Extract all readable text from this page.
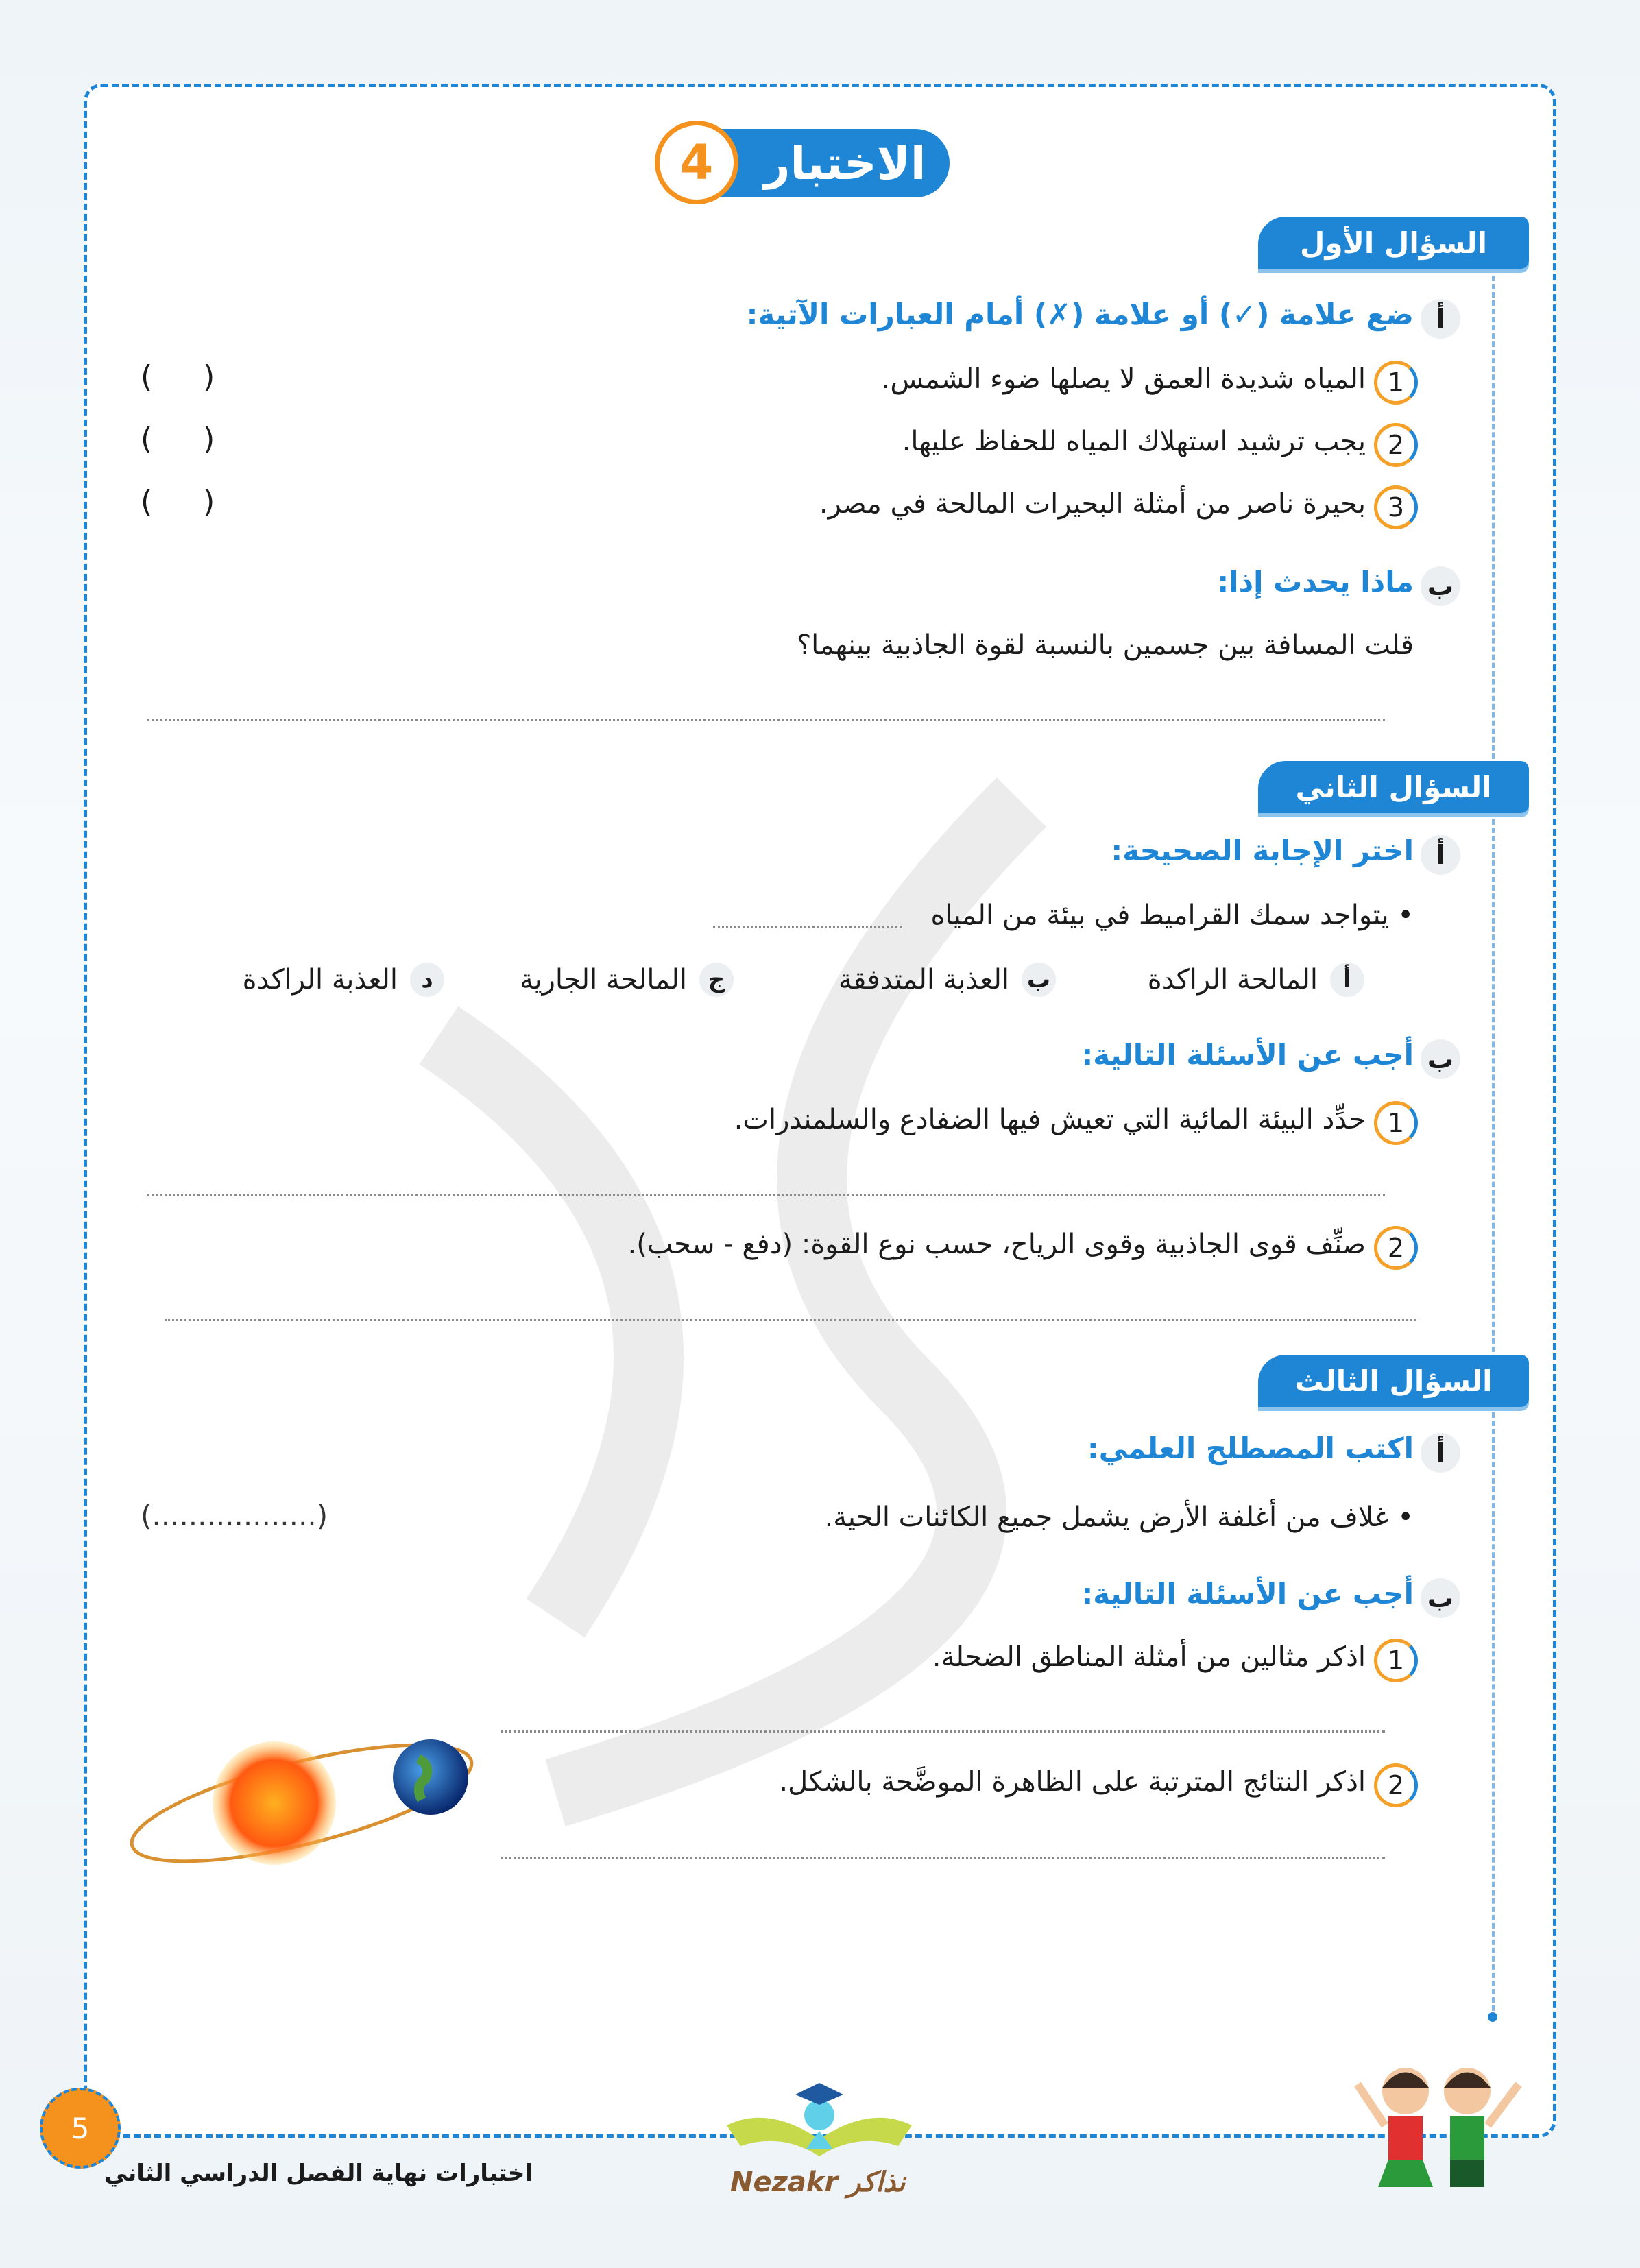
الاختبار
4
السؤال الأول
أ
ضع علامة (✓) أو علامة (✗) أمام العبارات الآتية:
1
المياه شديدة العمق لا يصلها ضوء الشمس.
( )
2
يجب ترشيد استهلاك المياه للحفاظ عليها.
( )
3
بحيرة ناصر من أمثلة البحيرات المالحة في مصر.
( )
ب
ماذا يحدث إذا:
قلت المسافة بين جسمين بالنسبة لقوة الجاذبية بينهما؟
السؤال الثاني
أ
اختر الإجابة الصحيحة:
• يتواجد سمك القراميط في بيئة من المياه
أ
المالحة الراكدة
ب
العذبة المتدفقة
ج
المالحة الجارية
د
العذبة الراكدة
ب
أجب عن الأسئلة التالية:
1
حدِّد البيئة المائية التي تعيش فيها الضفادع والسلمندرات.
2
صنِّف قوى الجاذبية وقوى الرياح، حسب نوع القوة: (دفع - سحب).
السؤال الثالث
أ
اكتب المصطلح العلمي:
• غلاف من أغلفة الأرض يشمل جميع الكائنات الحية.
(..................)
ب
أجب عن الأسئلة التالية:
1
اذكر مثالين من أمثلة المناطق الضحلة.
2
اذكر النتائج المترتبة على الظاهرة الموضَّحة بالشكل.
5
اختبارات نهاية الفصل الدراسي الثاني	Nezakr نذاكر
